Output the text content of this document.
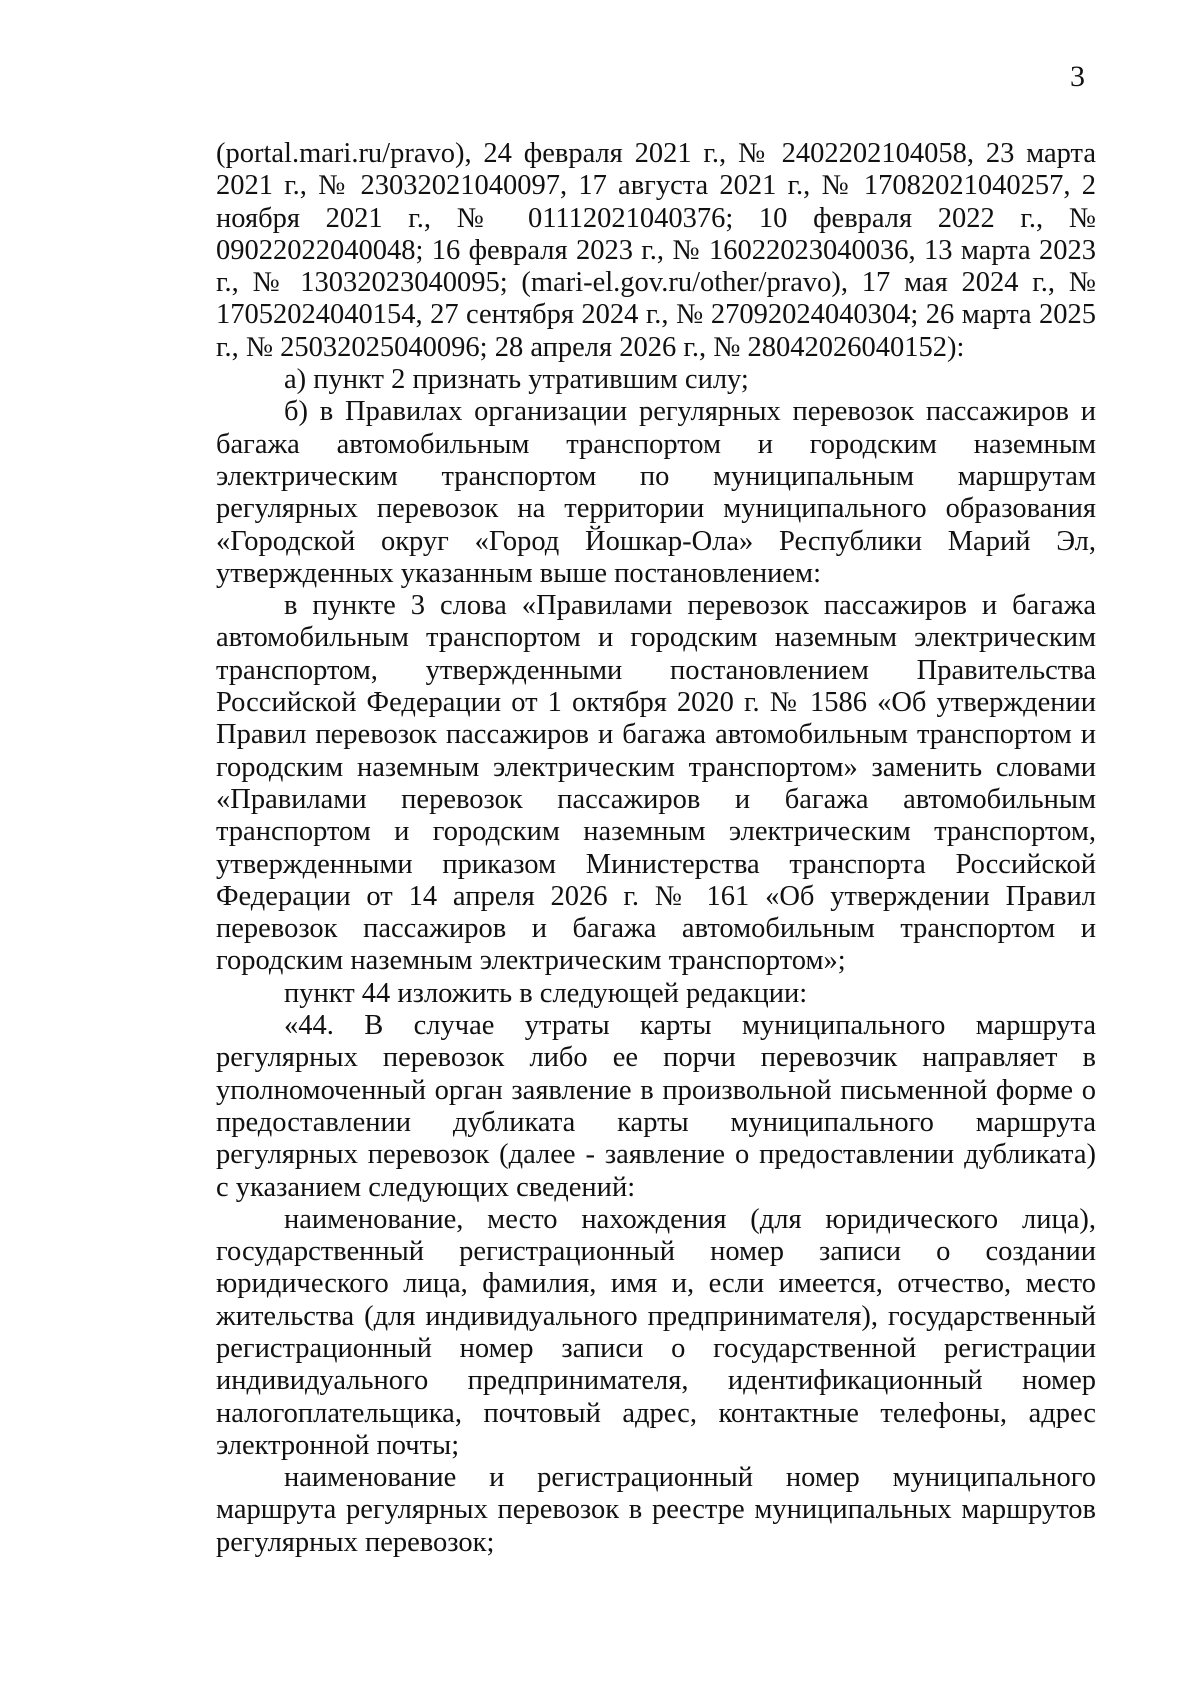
3

(portal.mari.ru/pravo), 24 февраля 2021 г., № 2402202104058, 23 марта 2021 г., № 23032021040097, 17 августа 2021 г., № 17082021040257, 2 ноября 2021 г., № 01112021040376; 10 февраля 2022 г., № 09022022040048; 16 февраля 2023 г., № 16022023040036, 13 марта 2023 г., № 13032023040095; (mari-el.gov.ru/other/pravo), 17 мая 2024 г., № 17052024040154, 27 сентября 2024 г., № 27092024040304; 26 марта 2025 г., № 25032025040096; 28 апреля 2026 г., № 28042026040152):

а) пункт 2 признать утратившим силу;

б) в Правилах организации регулярных перевозок пассажиров и багажа автомобильным транспортом и городским наземным электрическим транспортом по муниципальным маршрутам регулярных перевозок на территории муниципального образования «Городской округ «Город Йошкар-Ола» Республики Марий Эл, утвержденных указанным выше постановлением:

в пункте 3 слова «Правилами перевозок пассажиров и багажа автомобильным транспортом и городским наземным электрическим транспортом, утвержденными постановлением Правительства Российской Федерации от 1 октября 2020 г. № 1586 «Об утверждении Правил перевозок пассажиров и багажа автомобильным транспортом и городским наземным электрическим транспортом» заменить словами «Правилами перевозок пассажиров и багажа автомобильным транспортом и городским наземным электрическим транспортом, утвержденными приказом Министерства транспорта Российской Федерации от 14 апреля 2026 г. № 161 «Об утверждении Правил перевозок пассажиров и багажа автомобильным транспортом и городским наземным электрическим транспортом»;

пункт 44 изложить в следующей редакции:

«44. В случае утраты карты муниципального маршрута регулярных перевозок либо ее порчи перевозчик направляет в уполномоченный орган заявление в произвольной письменной форме о предоставлении дубликата карты муниципального маршрута регулярных перевозок (далее - заявление о предоставлении дубликата) с указанием следующих сведений:

наименование, место нахождения (для юридического лица), государственный регистрационный номер записи о создании юридического лица, фамилия, имя и, если имеется, отчество, место жительства (для индивидуального предпринимателя), государственный регистрационный номер записи о государственной регистрации индивидуального предпринимателя, идентификационный номер налогоплательщика, почтовый адрес, контактные телефоны, адрес электронной почты;

наименование и регистрационный номер муниципального маршрута регулярных перевозок в реестре муниципальных маршрутов регулярных перевозок;
